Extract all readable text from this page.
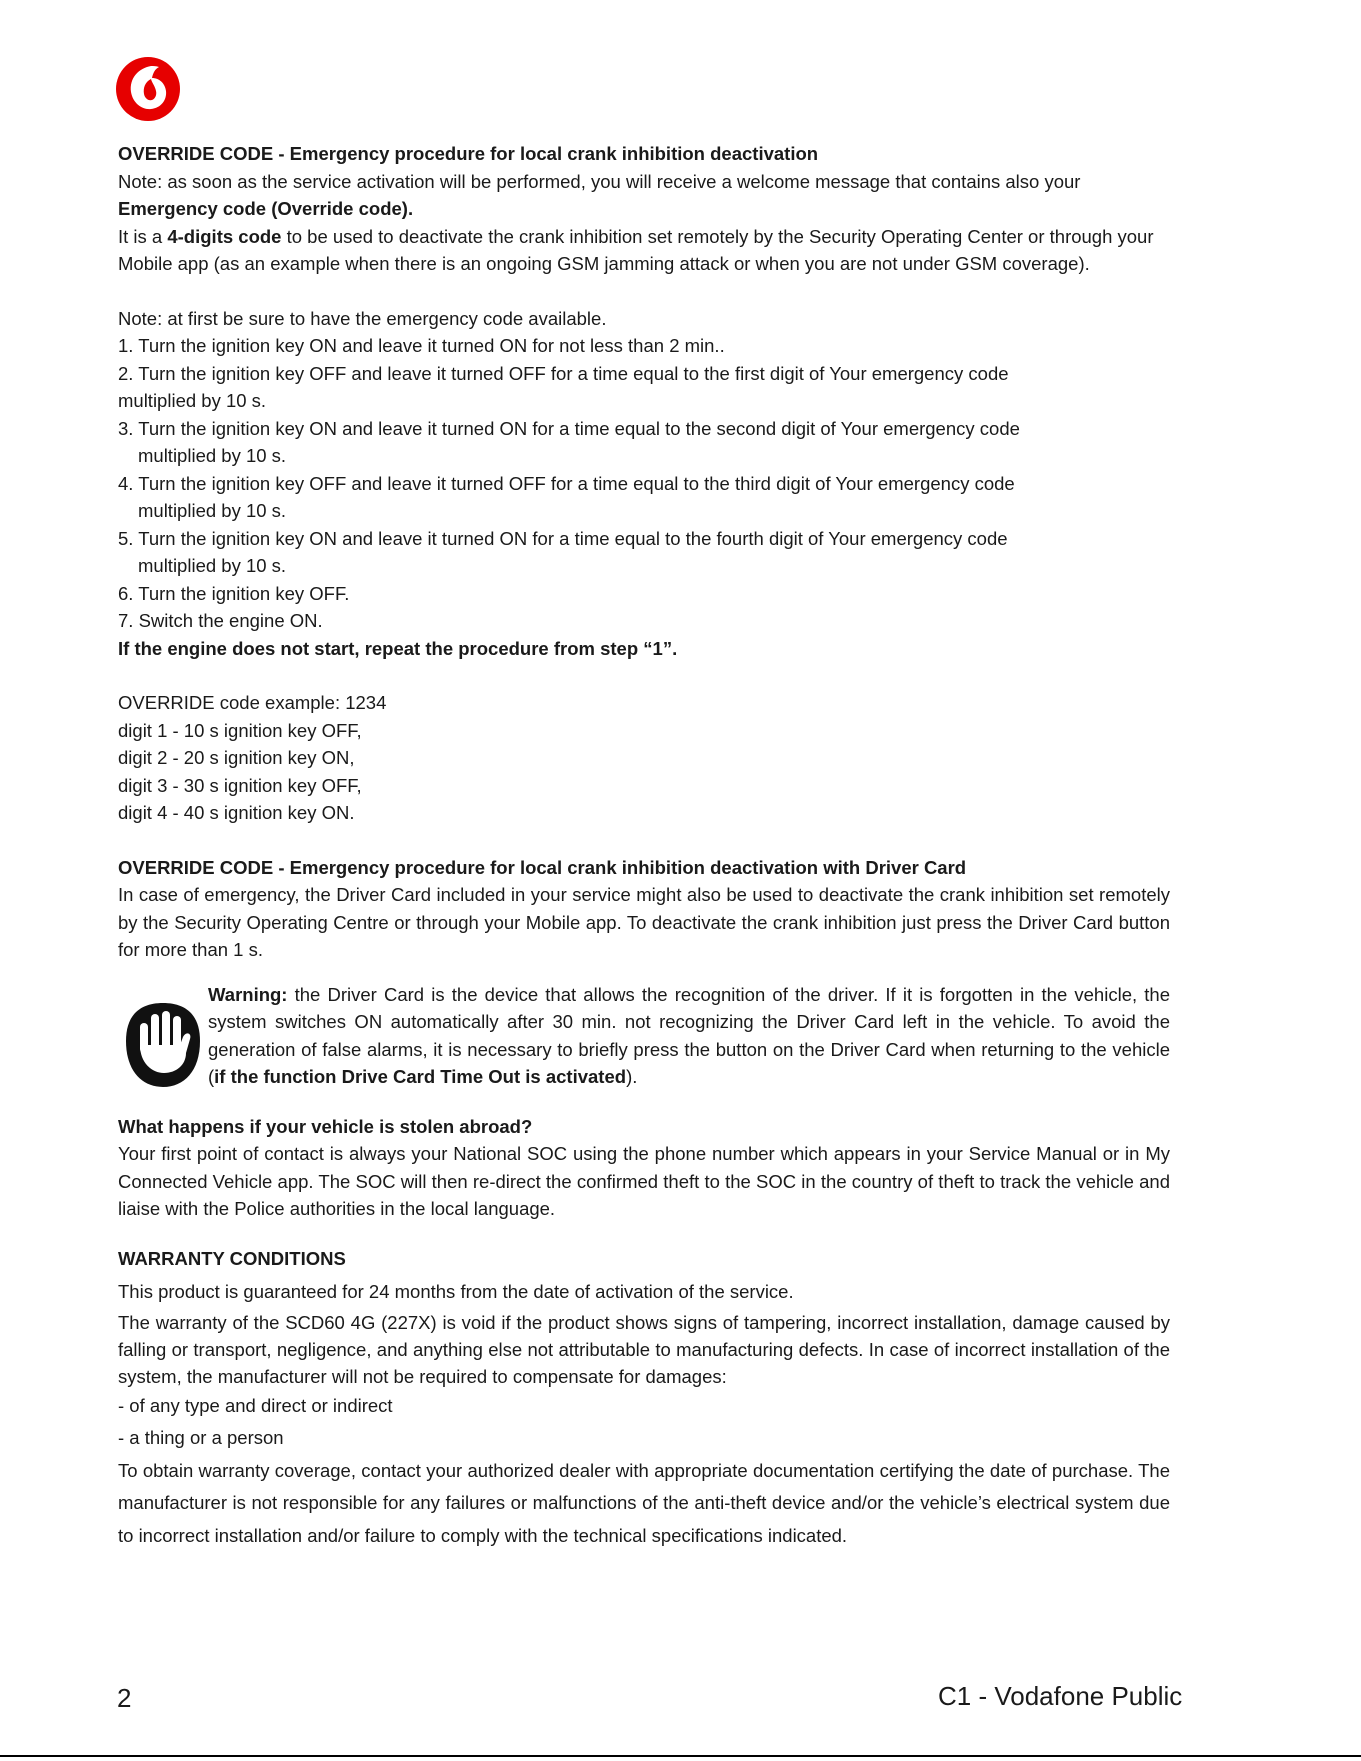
OVERRIDE CODE - Emergency procedure for local crank inhibition deactivation

Note: as soon as the service activation will be performed, you will receive a welcome message that contains also your

Emergency code (Override code).

It is a 4-digits code to be used to deactivate the crank inhibition set remotely by the Security Operating Center or through your Mobile app (as an example when there is an ongoing GSM jamming attack or when you are not under GSM coverage).

Note: at first be sure to have the emergency code available.

1. Turn the ignition key ON and leave it turned ON for not less than 2 min..

2. Turn the ignition key OFF and leave it turned OFF for a time equal to the first digit of Your emergency code

multiplied by 10 s.

3. Turn the ignition key ON and leave it turned ON for a time equal to the second digit of Your emergency code

multiplied by 10 s.

4. Turn the ignition key OFF and leave it turned OFF for a time equal to the third digit of Your emergency code

multiplied by 10 s.

5. Turn the ignition key ON and leave it turned ON for a time equal to the fourth digit of Your emergency code

multiplied by 10 s.

6. Turn the ignition key OFF.

7. Switch the engine ON.

If the engine does not start, repeat the procedure from step “1”.

OVERRIDE code example: 1234

digit 1 - 10 s ignition key OFF,

digit 2 - 20 s ignition key ON,

digit 3 - 30 s ignition key OFF,

digit 4 - 40 s ignition key ON.

OVERRIDE CODE - Emergency procedure for local crank inhibition deactivation with Driver Card

In case of emergency, the Driver Card included in your service might also be used to deactivate the crank inhibition set remotely by the Security Operating Centre or through your Mobile app. To deactivate the crank inhibition just press the Driver Card button for more than 1 s.

Warning: the Driver Card is the device that allows the recognition of the driver. If it is forgotten in the vehicle, the system switches ON automatically after 30 min. not recognizing the Driver Card left in the vehicle. To avoid the generation of false alarms, it is necessary to briefly press the button on the Driver Card when returning to the vehicle (if the function Drive Card Time Out is activated).

What happens if your vehicle is stolen abroad?

Your first point of contact is always your National SOC using the phone number which appears in your Service Manual or in My Connected Vehicle app. The SOC will then re-direct the confirmed theft to the SOC in the country of theft to track the vehicle and liaise with the Police authorities in the local language.

WARRANTY CONDITIONS

This product is guaranteed for 24 months from the date of activation of the service.

The warranty of the SCD60 4G (227X) is void if the product shows signs of tampering, incorrect installation, damage caused by falling or transport, negligence, and anything else not attributable to manufacturing defects. In case of incorrect installation of the system, the manufacturer will not be required to compensate for damages:

- of any type and direct or indirect

- a thing or a person

To obtain warranty coverage, contact your authorized dealer with appropriate documentation certifying the date of purchase. The manufacturer is not responsible for any failures or malfunctions of the anti-theft device and/or the vehicle’s electrical system due to incorrect installation and/or failure to comply with the technical specifications indicated.

2	C1 - Vodafone Public
